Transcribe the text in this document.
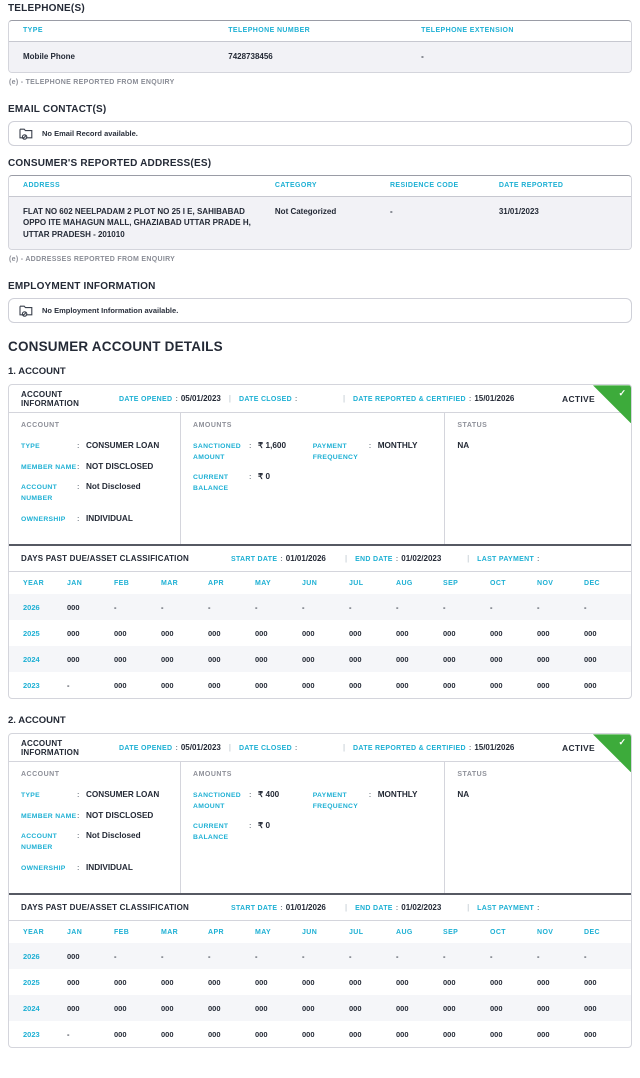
TELEPHONE(S)
TYPE	TELEPHONE NUMBER	TELEPHONE EXTENSION
Mobile Phone	7428738456	-
(e) - TELEPHONE REPORTED FROM ENQUIRY
EMAIL CONTACT(S)
No Email Record available.
CONSUMER'S REPORTED ADDRESS(ES)
ADDRESS	CATEGORY	RESIDENCE CODE	DATE REPORTED
FLAT NO 602 NEELPADAM 2 PLOT NO 25 I E, SAHIBABAD OPPO ITE MAHAGUN MALL, GHAZIABAD UTTAR PRADE H, UTTAR PRADESH - 201010
Not Categorized	-	31/01/2023
(e) - ADDRESSES REPORTED FROM ENQUIRY
EMPLOYMENT INFORMATION
No Employment Information available.
CONSUMER ACCOUNT DETAILS
1. ACCOUNT
ACCOUNT INFORMATION	DATE OPENED : 05/01/2023 | DATE CLOSED :	| DATE REPORTED & CERTIFIED : 15/01/2026	ACTIVE
✓
ACCOUNT
TYPE	: CONSUMER LOAN
MEMBER NAME : NOT DISCLOSED
ACCOUNT NUMBER
: Not Disclosed
OWNERSHIP	: INDIVIDUAL
AMOUNTS
SANCTIONED AMOUNT
: ₹ 1,600
CURRENT BALANCE
: ₹ 0
PAYMENT FREQUENCY
: MONTHLY
STATUS
NA
DAYS PAST DUE/ASSET CLASSIFICATION	START DATE : 01/01/2026 | END DATE : 01/02/2023	| LAST PAYMENT :
YEAR	JAN	FEB	MAR	APR	MAY	JUN	JUL	AUG	SEP	OCT	NOV	DEC
2026	000	-	-	-	-	-	-	-	-	-	-	-
2025	000	000	000	000	000	000	000	000	000	000	000	000
2024	000	000	000	000	000	000	000	000	000	000	000	000
2023	-	000	000	000	000	000	000	000	000	000	000	000
2. ACCOUNT
ACCOUNT INFORMATION	DATE OPENED : 05/01/2023 | DATE CLOSED :	| DATE REPORTED & CERTIFIED : 15/01/2026	ACTIVE
✓
ACCOUNT
TYPE	: CONSUMER LOAN
MEMBER NAME : NOT DISCLOSED
ACCOUNT NUMBER
: Not Disclosed
OWNERSHIP	: INDIVIDUAL
AMOUNTS
SANCTIONED AMOUNT
: ₹ 400
CURRENT BALANCE
: ₹ 0
PAYMENT FREQUENCY
: MONTHLY
STATUS
NA
DAYS PAST DUE/ASSET CLASSIFICATION	START DATE : 01/01/2026 | END DATE : 01/02/2023	| LAST PAYMENT :
YEAR	JAN	FEB	MAR	APR	MAY	JUN	JUL	AUG	SEP	OCT	NOV	DEC
2026	000	-	-	-	-	-	-	-	-	-	-	-
2025	000	000	000	000	000	000	000	000	000	000	000	000
2024	000	000	000	000	000	000	000	000	000	000	000	000
2023	-	000	000	000	000	000	000	000	000	000	000	000
